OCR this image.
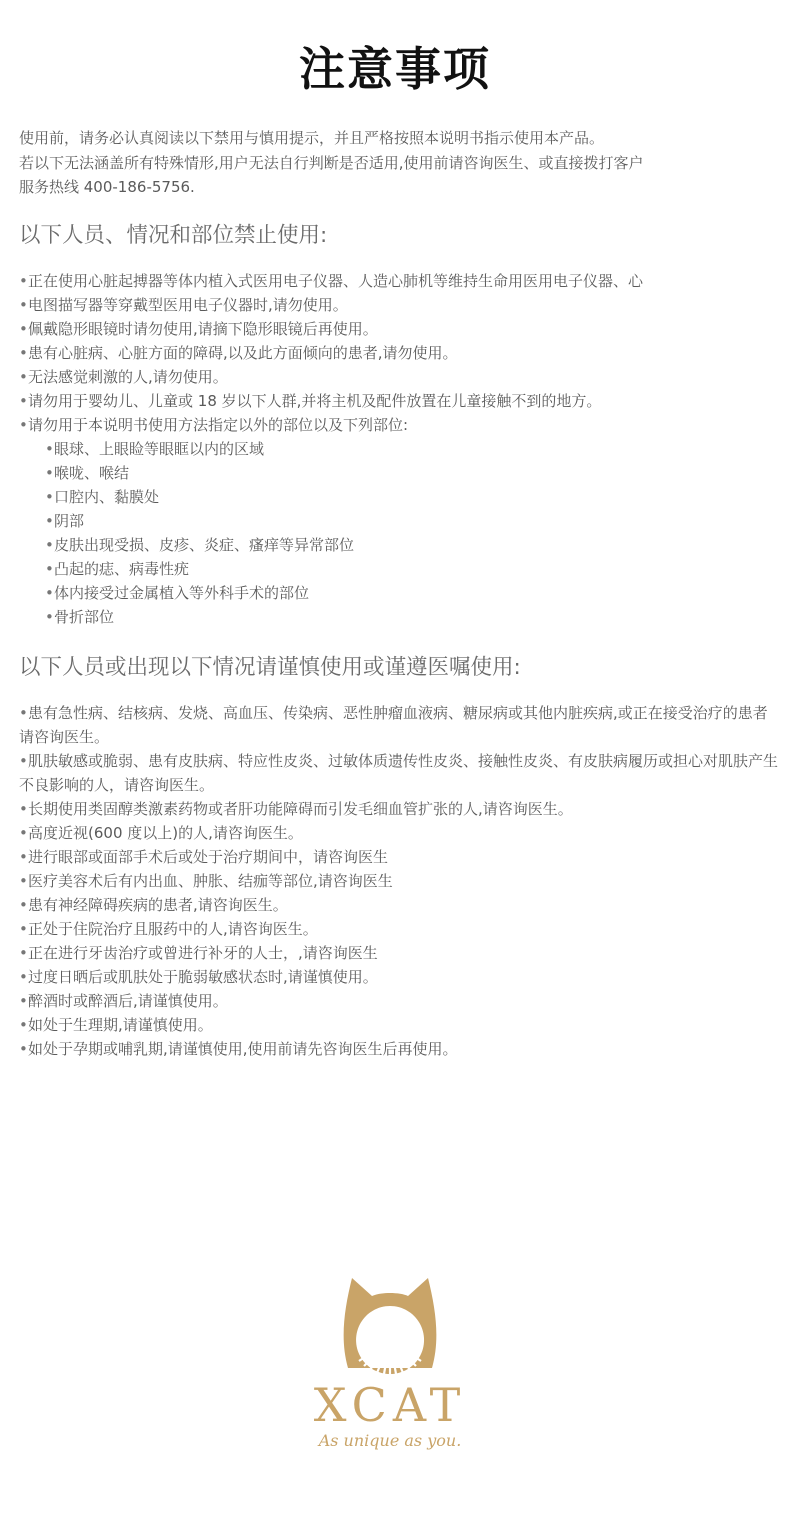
注意事项

使用前，请务必认真阅读以下禁用与慎用提示，并且严格按照本说明书指示使用本产品。

若以下无法涵盖所有特殊情形,用户无法自行判断是否适用,使用前请咨询医生、或直接拨打客户

服务热线 400-186-5756.

以下人员、情况和部位禁止使用:
•正在使用心脏起搏器等体内植入式医用电子仪器、人造心肺机等维持生命用医用电子仪器、心
•电图描写器等穿戴型医用电子仪器时,请勿使用。
•佩戴隐形眼镜时请勿使用,请摘下隐形眼镜后再使用。
•患有心脏病、心脏方面的障碍,以及此方面倾向的患者,请勿使用。
•无法感觉刺激的人,请勿使用。
•请勿用于婴幼儿、儿童或 18 岁以下人群,并将主机及配件放置在儿童接触不到的地方。
•请勿用于本说明书使用方法指定以外的部位以及下列部位:
•眼球、上眼睑等眼眶以内的区域
•喉咙、喉结
•口腔内、黏膜处
•阴部
•皮肤出现受损、皮疹、炎症、瘙痒等异常部位
•凸起的痣、病毒性疣
•体内接受过金属植入等外科手术的部位
•骨折部位
以下人员或出现以下情况请谨慎使用或谨遵医嘱使用:
•患有急性病、结核病、发烧、高血压、传染病、恶性肿瘤血液病、糖尿病或其他内脏疾病,或正在接受治疗的患者请咨询医生。
•肌肤敏感或脆弱、患有皮肤病、特应性皮炎、过敏体质遗传性皮炎、接触性皮炎、有皮肤病履历或担心对肌肤产生不良影响的人，请咨询医生。
•长期使用类固醇类激素药物或者肝功能障碍而引发毛细血管扩张的人,请咨询医生。
•高度近视(600 度以上)的人,请咨询医生。
•进行眼部或面部手术后或处于治疗期间中，请咨询医生
•医疗美容术后有内出血、肿胀、结痂等部位,请咨询医生
•患有神经障碍疾病的患者,请咨询医生。
•正处于住院治疗且服药中的人,请咨询医生。
•正在进行牙齿治疗或曾进行补牙的人士，,请咨询医生
•过度日晒后或肌肤处于脆弱敏感状态时,请谨慎使用。
•醉酒时或醉酒后,请谨慎使用。
•如处于生理期,请谨慎使用。
•如处于孕期或哺乳期,请谨慎使用,使用前请先咨询医生后再使用。
XCAT
As unique as you.
